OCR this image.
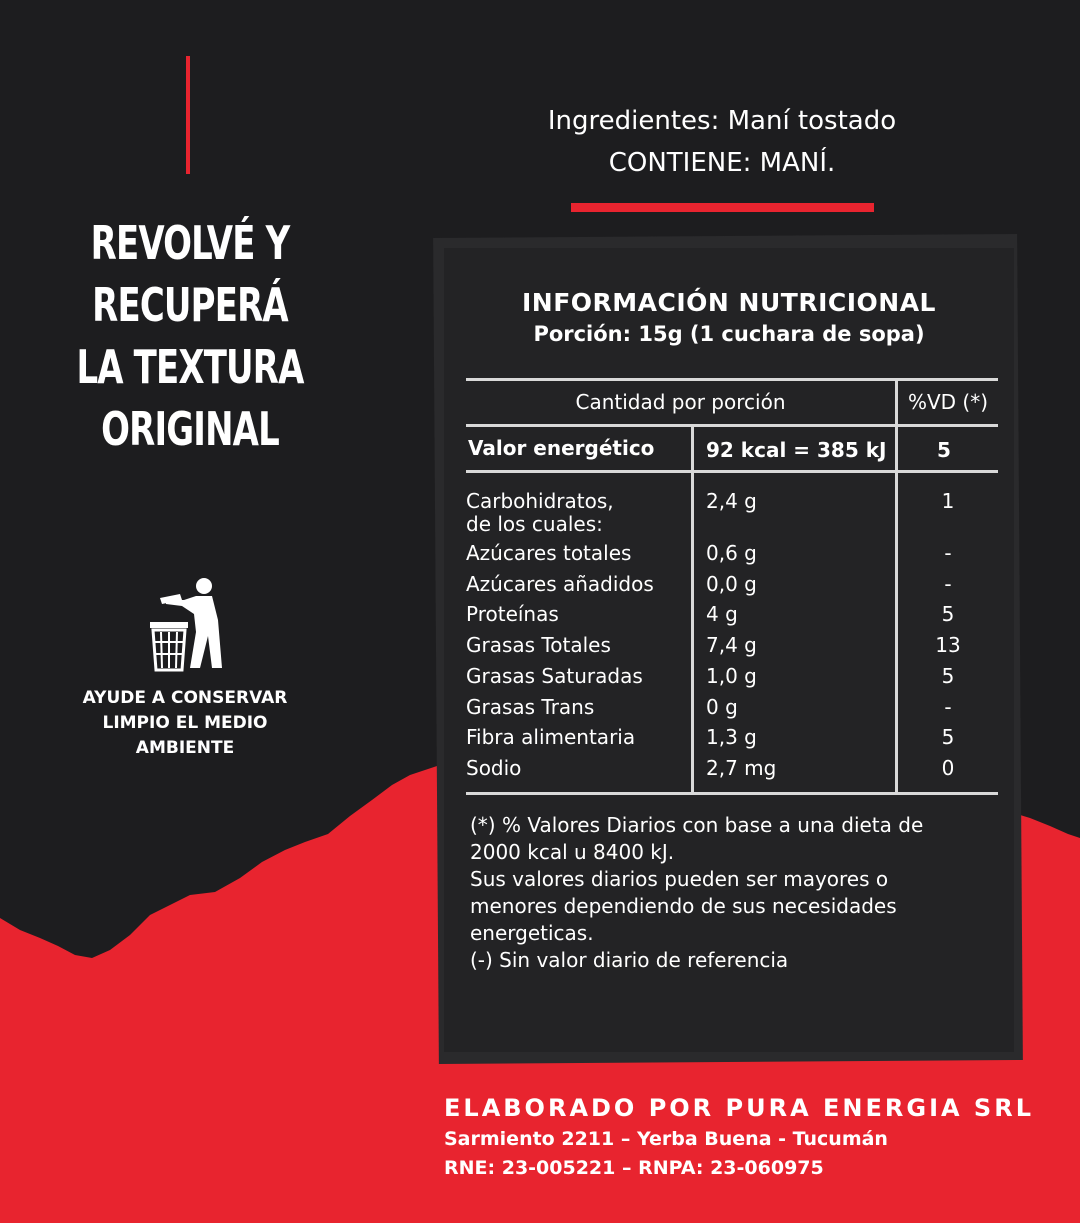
REVOLVÉ Y
RECUPERÁ
LA TEXTURA
ORIGINAL
AYUDE A CONSERVAR
LIMPIO EL MEDIO
AMBIENTE
Ingredientes: Maní tostado
CONTIENE: MANÍ.
INFORMACIÓN NUTRICIONAL
Porción: 15g (1 cuchara de sopa)
Cantidad por porción	%VD (*)
Valor energético	92 kcal = 385 kJ	5
Carbohidratos,
de los cuales:
2,4 g	1
Azúcares totales	0,6 g	-
Azúcares añadidos	0,0 g	-
Proteínas	4 g	5
Grasas Totales	7,4 g	13
Grasas Saturadas	1,0 g	5
Grasas Trans	0 g	-
Fibra alimentaria	1,3 g	5
Sodio	2,7 mg	0
(*) % Valores Diarios con base a una dieta de
2000 kcal u 8400 kJ.
Sus valores diarios pueden ser mayores o
menores dependiendo de sus necesidades
energeticas.
(-) Sin valor diario de referencia
ELABORADO POR PURA ENERGIA SRL
Sarmiento 2211 – Yerba Buena - Tucumán
RNE: 23-005221 – RNPA: 23-060975
